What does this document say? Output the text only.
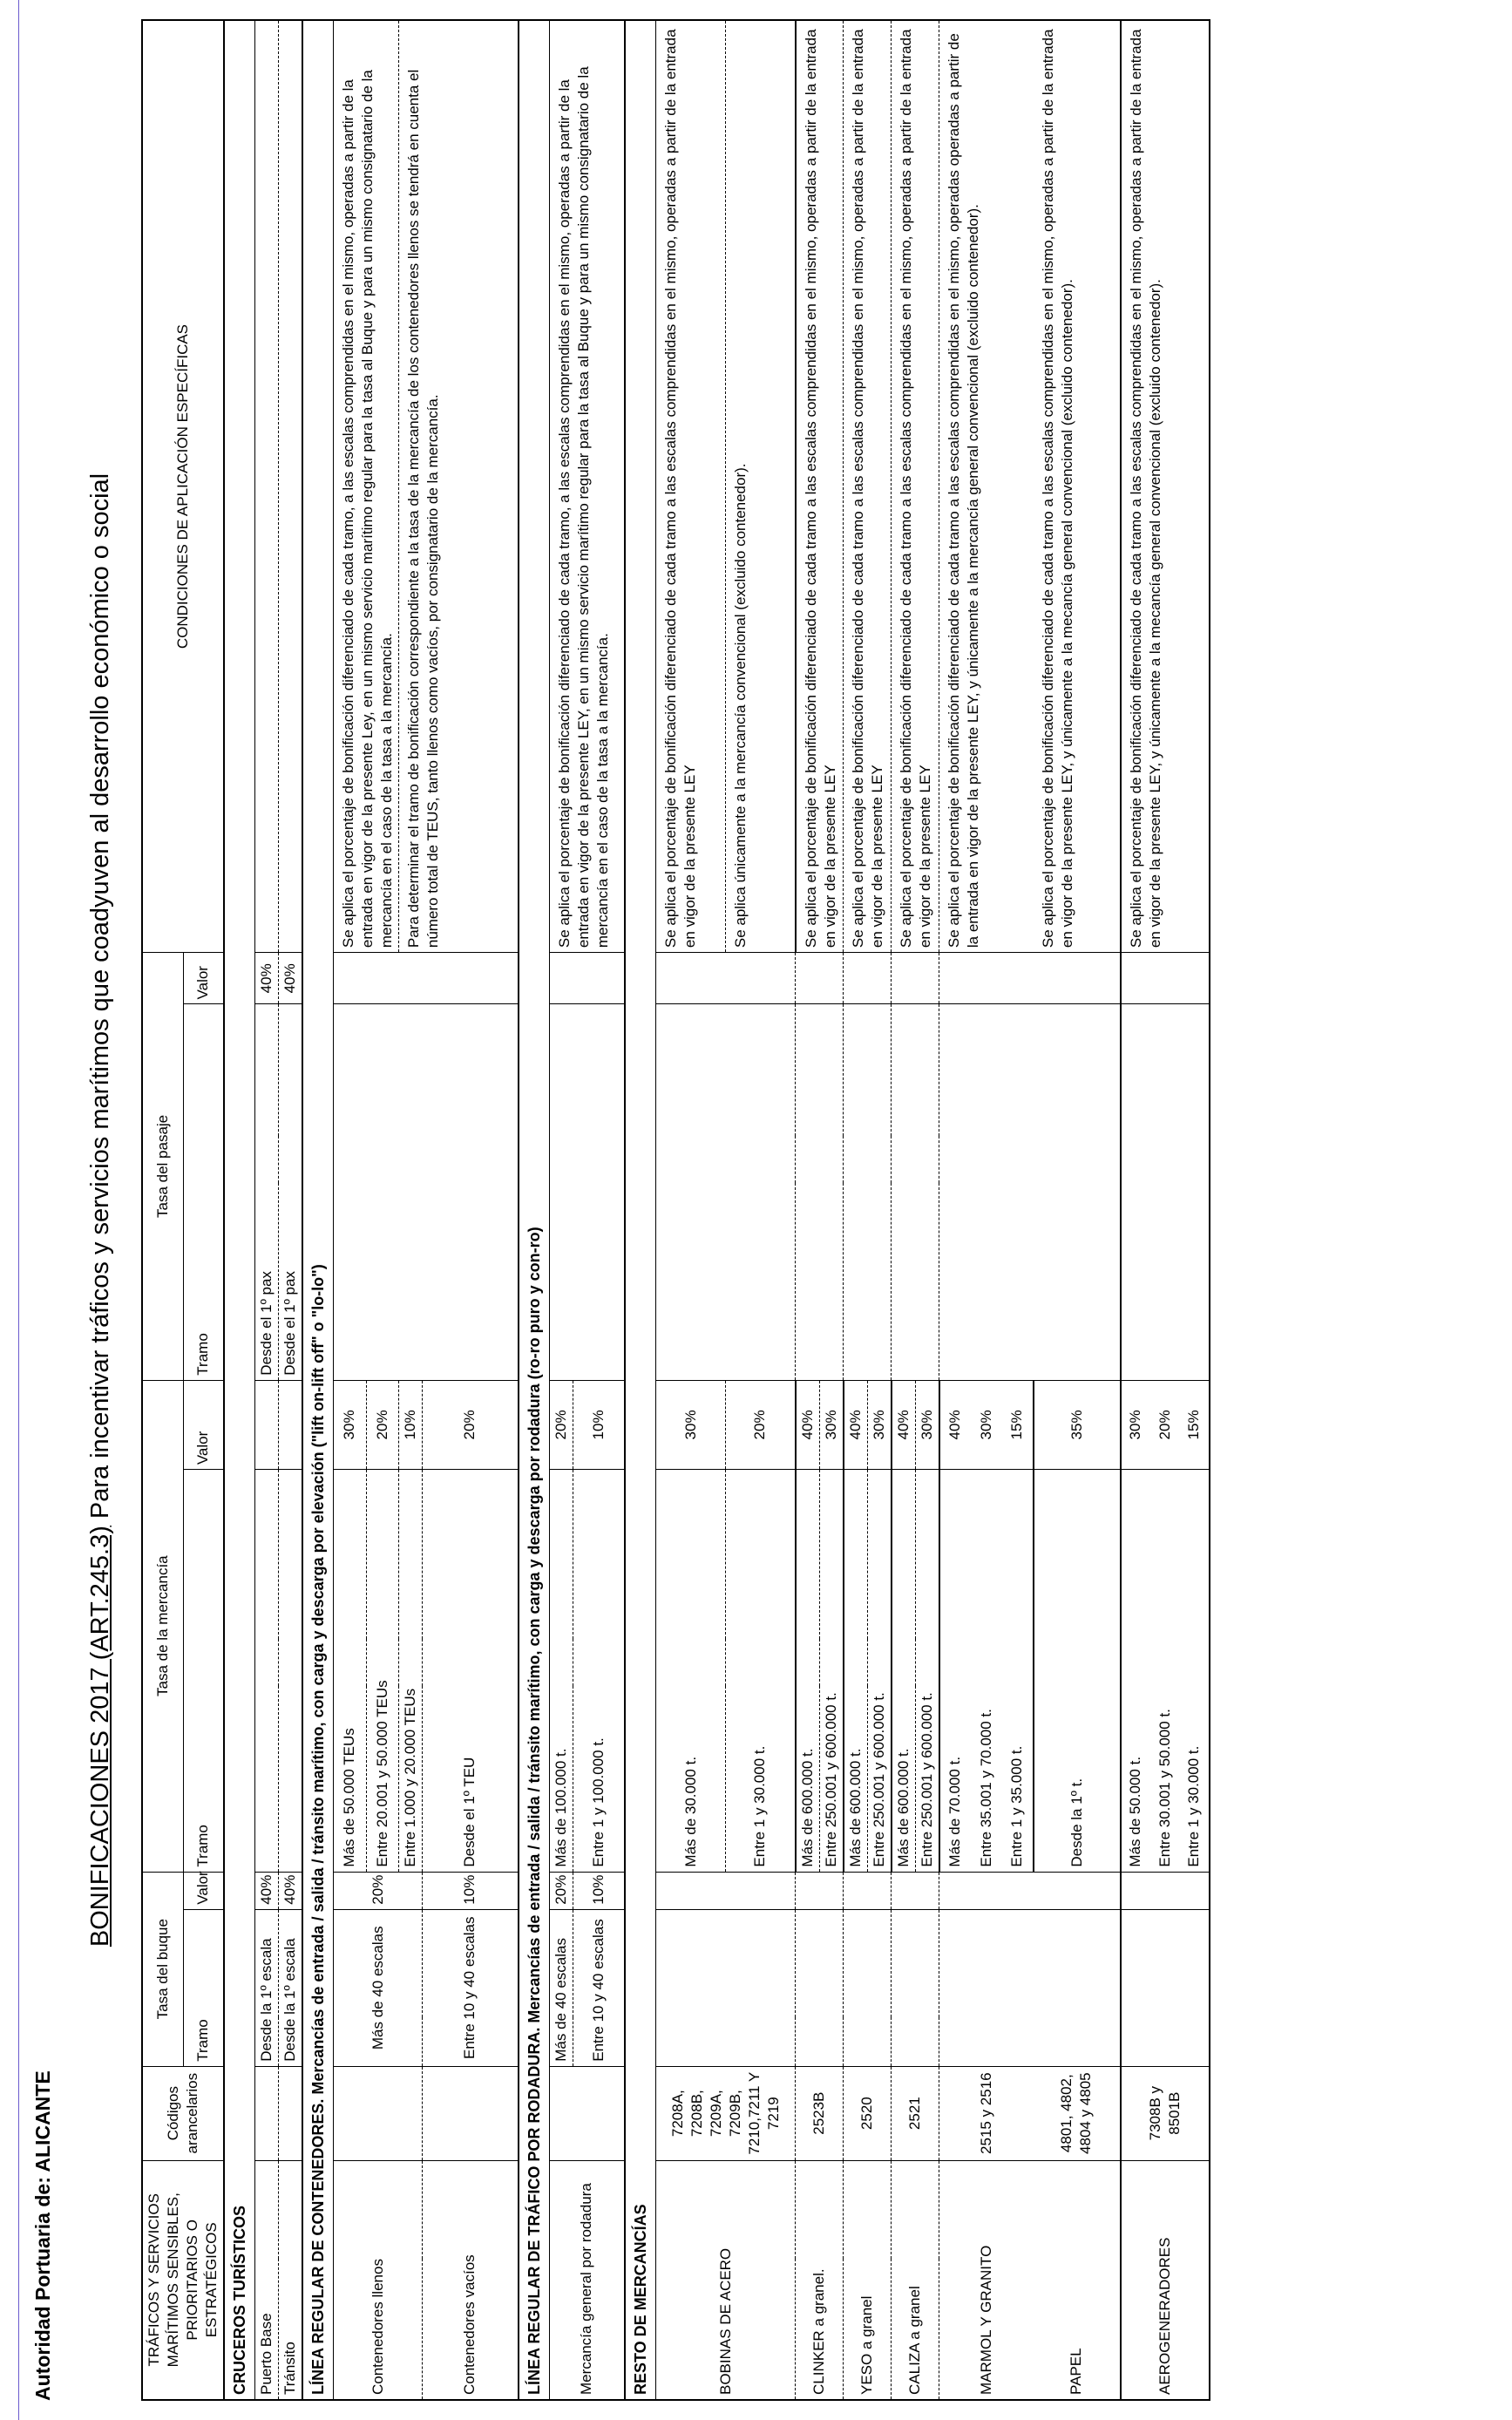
Autoridad Portuaria de: ALICANTE
BONIFICACIONES 2017 (ART.245.3) Para incentivar tráficos y servicios marítimos que coadyuven al desarrollo económico o social
TRÁFICOS Y SERVICIOS MARÍTIMOS SENSIBLES, PRIORITARIOS O ESTRATÉGICOS	Códigos arancelarios	Tasa del buque		Tasa de la mercancía		Tasa del pasaje		CONDICIONES DE APLICACIÓN ESPECÍFICAS
		Tramo	Valor	Tramo	Valor	Tramo	Valor	
CRUCEROS TURÍSTICOS								
Puerto Base		Desde la 1º escala	40%			Desde el 1º pax	40%	
Tránsito		Desde la 1º escala	40%			Desde el 1º pax	40%	
LÍNEA REGULAR DE CONTENEDORES. Mercancías de entrada / salida / tránsito marítimo, con carga y descarga por elevación ("lift on-lift off" o "lo-lo")								
Contenedores llenos		Más de 40 escalas	20%	Más de 50.000 TEUs	30%			Se aplica el porcentaje de bonificación diferenciado de cada tramo, a las escalas comprendidas en el mismo, operadas a partir de la entrada en vigor de la presente Ley, en un mismo servicio marítimo regular para la tasa al Buque y para un mismo consignatario de la mercancía en el caso de la tasa a la mercancía.
				Entre 20.001 y 50.000 TEUs	20%			
				Entre 1.000 y 20.000 TEUs	10%			Para determinar el tramo de bonificación correspondiente a la tasa de la mercancía de los contenedores llenos se tendrá en cuenta el número total de TEUS, tanto llenos como vacíos, por consignatario de la mercancía.
Contenedores vacíos		Entre 10 y 40 escalas	10%	Desde el 1º TEU	20%			
LÍNEA REGULAR DE TRÁFICO POR RODADURA. Mercancías de entrada / salida / tránsito marítimo, con carga y descarga por rodadura (ro-ro puro y con-ro)								
Mercancía general por rodadura		Más de 40 escalas	20%	Más de 100.000 t.	20%			Se aplica el porcentaje de bonificación diferenciado de cada tramo, a las escalas comprendidas en el mismo, operadas a partir de la entrada en vigor de la presente LEY, en un mismo servicio marítimo regular para la tasa al Buque y para un mismo consignatario de la mercancía en el caso de la tasa a la mercancía.
		Entre 10 y 40 escalas	10%	Entre 1 y 100.000 t.	10%			
RESTO DE MERCANCÍAS								
BOBINAS DE ACERO	7208A, 7208B, 7209A, 7209B, 7210,7211 Y 7219			Más de 30.000 t.	30%			Se aplica el porcentaje de bonificación diferenciado de cada tramo a las escalas comprendidas en el mismo, operadas a partir de la entrada en vigor de la presente LEY
				Entre 1 y 30.000 t.	20%			Se aplica únicamente a la mercancía convencional (excluido contenedor).
CLINKER a granel.	2523B			Más de 600.000 t.	40%			Se aplica el porcentaje de bonificación diferenciado de cada tramo a las escalas comprendidas en el mismo, operadas a partir de la entrada en vigor de la presente LEY
				Entre 250.001 y 600.000 t.	30%			
YESO a granel	2520			Más de 600.000 t.	40%			Se aplica el porcentaje de bonificación diferenciado de cada tramo a las escalas comprendidas en el mismo, operadas a partir de la entrada en vigor de la presente LEY
				Entre 250.001 y 600.000 t.	30%			
CALIZA a granel	2521			Más de 600.000 t.	40%			Se aplica el porcentaje de bonificación diferenciado de cada tramo a las escalas comprendidas en el mismo, operadas a partir de la entrada en vigor de la presente LEY
				Entre 250.001 y 600.000 t.	30%			
MARMOL Y GRANITO	2515 y 2516			Más de 70.000 t.	40%			Se aplica el porcentaje de bonificación diferenciado de cada tramo a las escalas comprendidas en el mismo, operadas operadas a partir de la entrada en vigor de la presente LEY, y únicamente a la mercancía general convencional (excluido contenedor).
				Entre 35.001 y 70.000 t.	30%			
				Entre 1 y 35.000 t.	15%			
PAPEL	4801, 4802, 4804 y 4805			Desde la 1º t.	35%			Se aplica el porcentaje de bonificación diferenciado de cada tramo a las escalas comprendidas en el mismo, operadas a partir de la entrada en vigor de la presente LEY, y únicamente a la mecancía general convencional (excluido contenedor).
AEROGENERADORES	7308B y 8501B			Más de 50.000 t.	30%			Se aplica el porcentaje de bonificación diferenciado de cada tramo a las escalas comprendidas en el mismo, operadas a partir de la entrada en vigor de la presente LEY, y únicamente a la mecancía general convencional (excluido contenedor).
				Entre 30.001 y 50.000 t.	20%			
				Entre 1 y 30.000 t.	15%			
